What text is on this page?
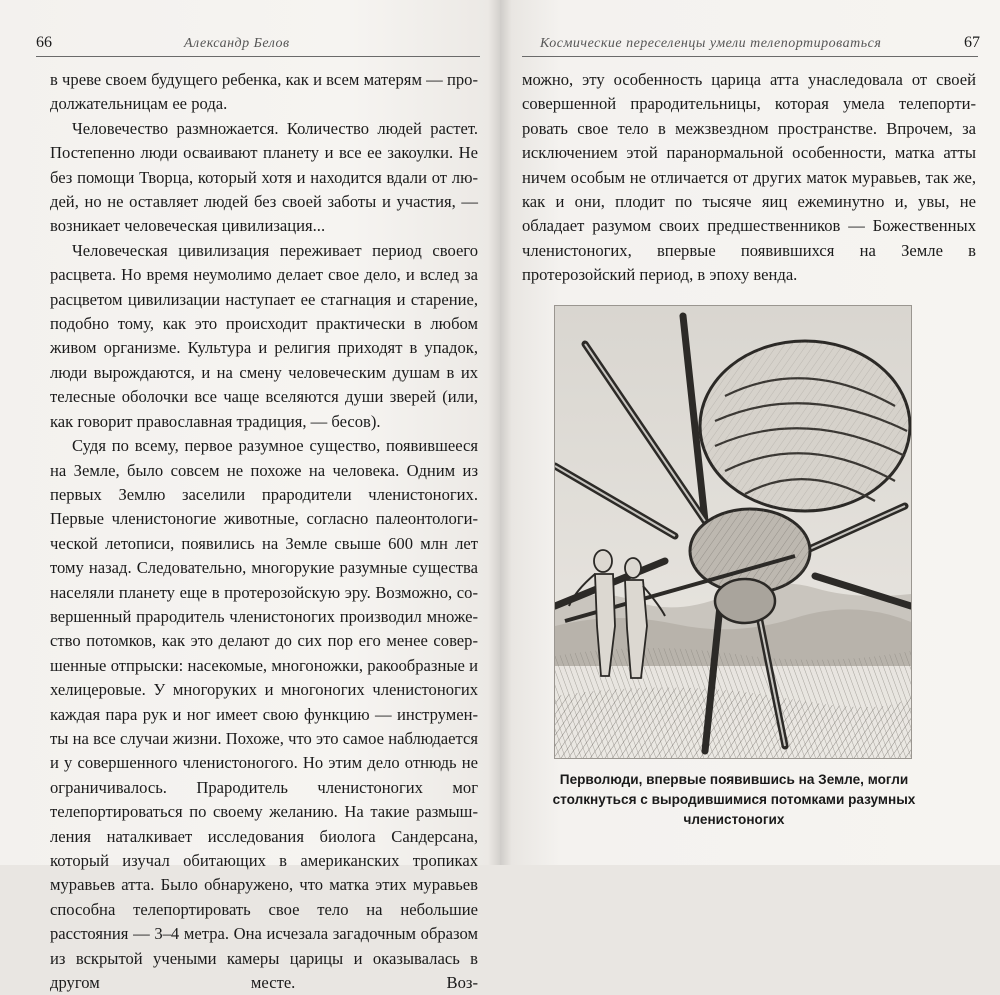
66	Александр Белов

в чреве своем будущего ребенка, как и всем матерям — продолжательницам ее рода.

Человечество размножается. Количество людей растет. Постепенно люди осваивают планету и все ее закоулки. Не без помощи Творца, который хотя и находится вдали от людей, но не оставляет людей без своей заботы и участия, — возникает человеческая цивилизация...

Человеческая цивилизация переживает период своего расцвета. Но время неумолимо делает свое дело, и вслед за расцветом цивилизации наступает ее стагнация и старение, подобно тому, как это происходит практически в любом живом организме. Культура и религия приходят в упадок, люди вырождаются, и на смену человеческим душам в их телесные оболочки все чаще вселяются души зверей (или, как говорит православная традиция, — бесов).

Судя по всему, первое разумное существо, появившееся на Земле, было совсем не похоже на человека. Одним из первых Землю заселили прародители членистоногих. Первые членистоногие животные, согласно палеонтологической летописи, появились на Земле свыше 600 млн лет тому назад. Следовательно, многорукие разумные существа населяли планету еще в протерозойскую эру. Возможно, совершенный прародитель членистоногих производил множество потомков, как это делают до сих пор его менее совершенные отпрыски: насекомые, многоножки, ракообразные и хелицеровые. У многоруких и многоногих членистоногих каждая пара рук и ног имеет свою функцию — инструменты на все случаи жизни. Похоже, что это самое наблюдается и у совершенного членистоногого. Но этим дело отнюдь не ограничивалось. Прародитель членистоногих мог телепортироваться по своему желанию. На такие размышления наталкивает исследования биолога Сандерсана, который изучал обитающих в американских тропиках муравьев атта. Было обнаружено, что матка этих муравьев способна телепортировать свое тело на небольшие расстояния — 3–4 метра. Она исчезала загадочным образом из вскрытой учеными камеры царицы и оказывалась в другом месте. Воз-

Космические переселенцы умели телепортироваться	67

можно, эту особенность царица атта унаследовала от своей совершенной прародительницы, которая умела телепортировать свое тело в межзвездном пространстве. Впрочем, за исключением этой паранормальной особенности, матка атты ничем особым не отличается от других маток муравьев, так же, как и они, плодит по тысяче яиц ежеминутно и, увы, не обладает разумом своих предшественников — Божественных членистоногих, впервые появившихся на Земле в протерозойский период, в эпоху венда.

Перволюди, впервые появившись на Земле, могли столкнуться с выродившимися потомками разумных членистоногих
